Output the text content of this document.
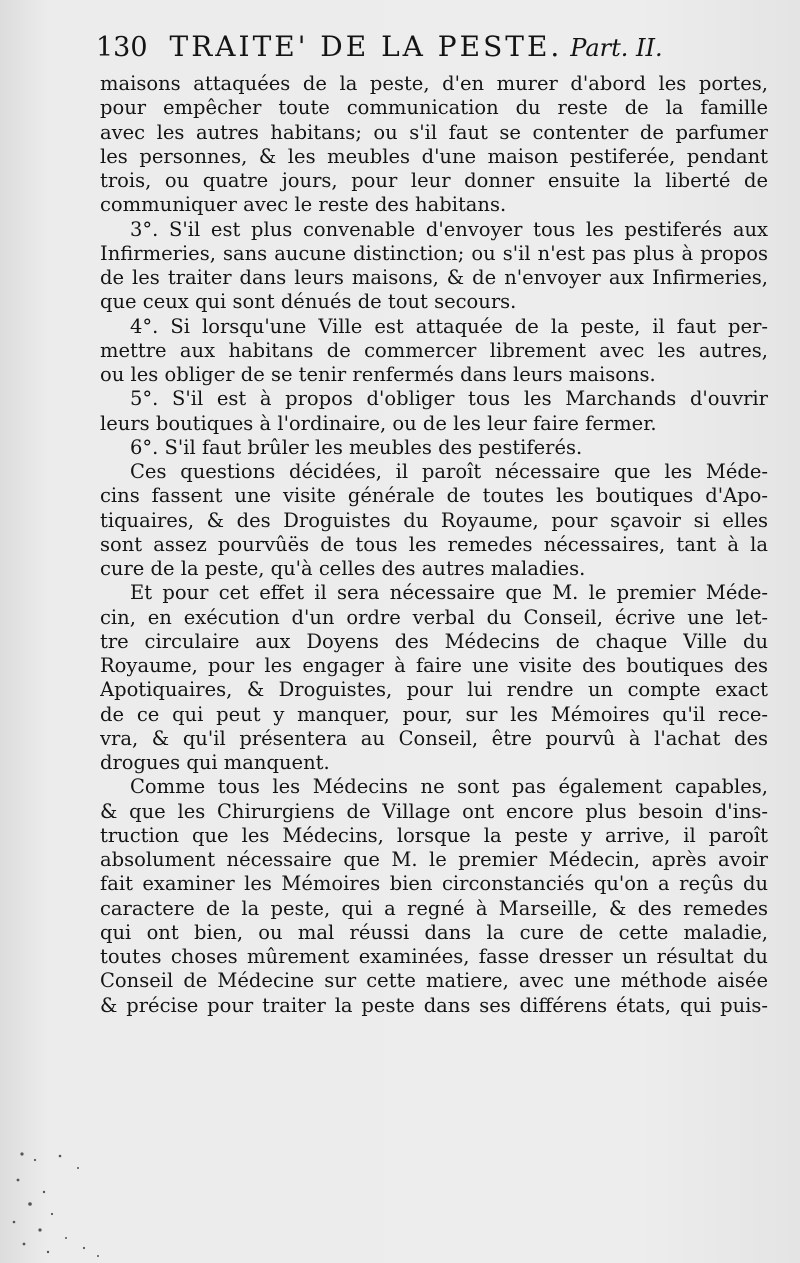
130 TRAITE' DE LA PESTE. Part. II.
maisons attaquées de la peste, d'en murer d'abord les portes,
pour empêcher toute communication du reste de la famille
avec les autres habitans; ou s'il faut se contenter de parfumer
les personnes, & les meubles d'une maison pestiferée, pendant
trois, ou quatre jours, pour leur donner ensuite la liberté de
communiquer avec le reste des habitans.
3°. S'il est plus convenable d'envoyer tous les pestiferés aux
Infirmeries, sans aucune distinction; ou s'il n'est pas plus à propos
de les traiter dans leurs maisons, & de n'envoyer aux Infirmeries,
que ceux qui sont dénués de tout secours.
4°. Si lorsqu'une Ville est attaquée de la peste, il faut per-
mettre aux habitans de commercer librement avec les autres,
ou les obliger de se tenir renfermés dans leurs maisons.
5°. S'il est à propos d'obliger tous les Marchands d'ouvrir
leurs boutiques à l'ordinaire, ou de les leur faire fermer.
6°. S'il faut brûler les meubles des pestiferés.
Ces questions décidées, il paroît nécessaire que les Méde-
cins fassent une visite générale de toutes les boutiques d'Apo-
tiquaires, & des Droguistes du Royaume, pour sçavoir si elles
sont assez pourvûës de tous les remedes nécessaires, tant à la
cure de la peste, qu'à celles des autres maladies.
Et pour cet effet il sera nécessaire que M. le premier Méde-
cin, en exécution d'un ordre verbal du Conseil, écrive une let-
tre circulaire aux Doyens des Médecins de chaque Ville du
Royaume, pour les engager à faire une visite des boutiques des
Apotiquaires, & Droguistes, pour lui rendre un compte exact
de ce qui peut y manquer, pour, sur les Mémoires qu'il rece-
vra, & qu'il présentera au Conseil, être pourvû à l'achat des
drogues qui manquent.
Comme tous les Médecins ne sont pas également capables,
& que les Chirurgiens de Village ont encore plus besoin d'ins-
truction que les Médecins, lorsque la peste y arrive, il paroît
absolument nécessaire que M. le premier Médecin, après avoir
fait examiner les Mémoires bien circonstanciés qu'on a reçûs du
caractere de la peste, qui a regné à Marseille, & des remedes
qui ont bien, ou mal réussi dans la cure de cette maladie,
toutes choses mûrement examinées, fasse dresser un résultat du
Conseil de Médecine sur cette matiere, avec une méthode aisée
& précise pour traiter la peste dans ses différens états, qui puis-
